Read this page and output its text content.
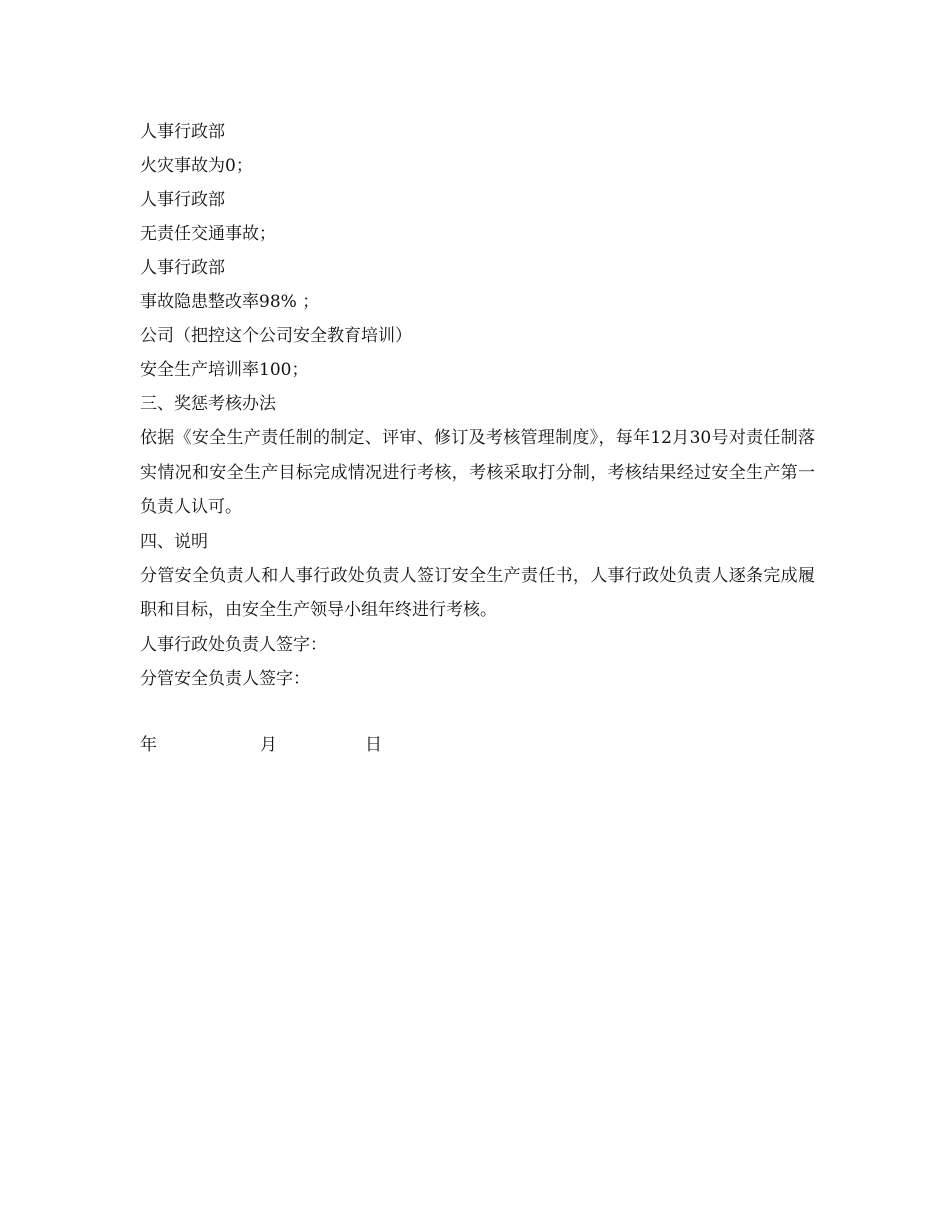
人事行政部

火灾事故为0；

人事行政部

无责任交通事故；

人事行政部

事故隐患整改率98% ；

公司（把控这个公司安全教育培训）

安全生产培训率100；

三、奖惩考核办法

依据《安全生产责任制的制定、评审、修订及考核管理制度》，每年12月30号对责任制落实情况和安全生产目标完成情况进行考核，考核采取打分制，考核结果经过安全生产第一负责人认可。

四、说明

分管安全负责人和人事行政处负责人签订安全生产责任书，人事行政处负责人逐条完成履职和目标，由安全生产领导小组年终进行考核。

人事行政处负责人签字：

分管安全负责人签字：

年	月	日
